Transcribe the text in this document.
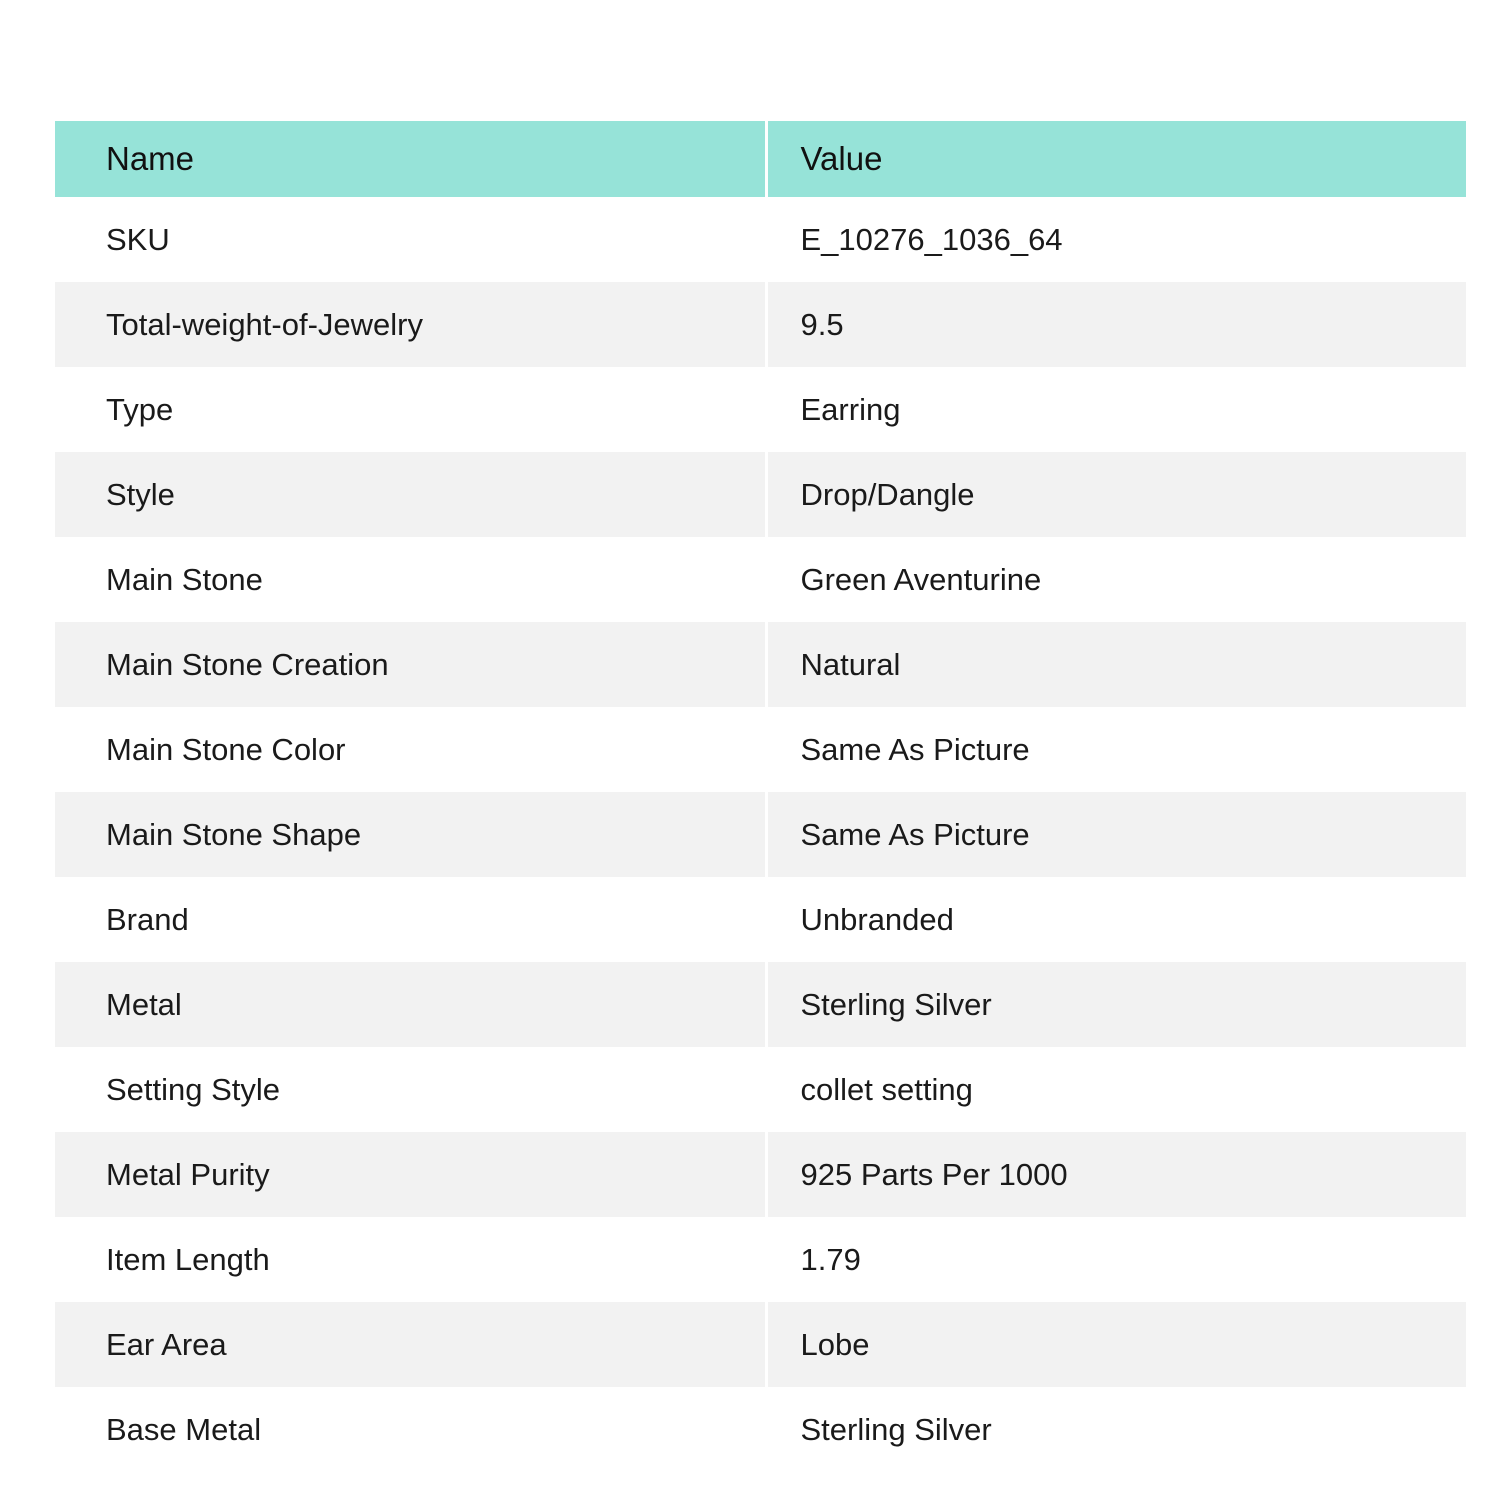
Name	Value
SKU	E_10276_1036_64
Total-weight-of-Jewelry	9.5
Type	Earring
Style	Drop/Dangle
Main Stone	Green Aventurine
Main Stone Creation	Natural
Main Stone Color	Same As Picture
Main Stone Shape	Same As Picture
Brand	Unbranded
Metal	Sterling Silver
Setting Style	collet setting
Metal Purity	925 Parts Per 1000
Item Length	1.79
Ear Area	Lobe
Base Metal	Sterling Silver
